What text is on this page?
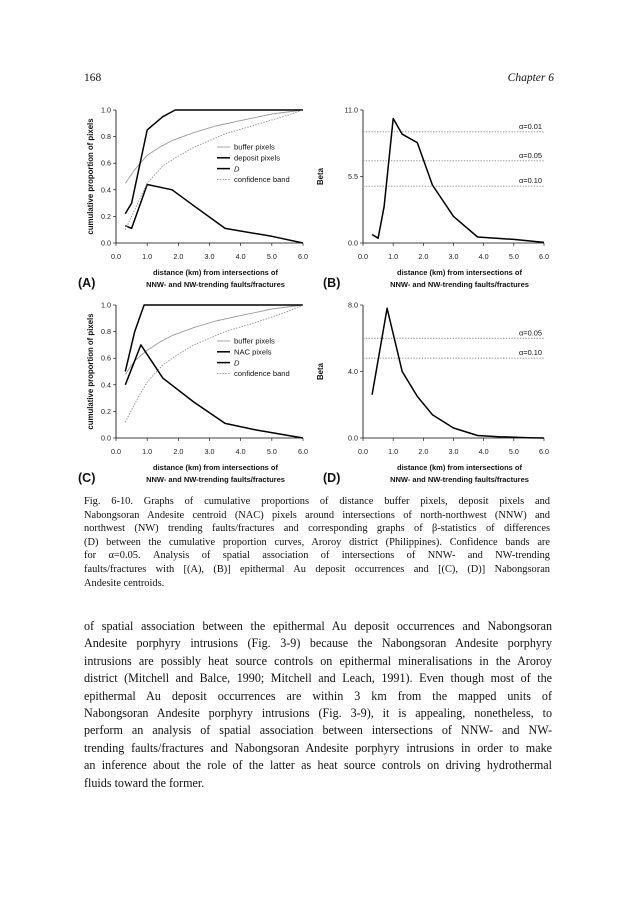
168	Chapter 6
0.0	1.0	2.0	3.0	4.0	5.0	6.0
0.0
0.2
0.4
0.6
0.8
1.0
cumulative proportion of pixels
distance (km) from intersections of
NNW- and NW-trending faults/fractures
(A)
buffer pixels
deposit pixels
D
confidence band
0.0	1.0	2.0	3.0	4.0	5.0	6.0
0.0
5.5
11.0
Beta
distance (km) from intersections of
NNW- and NW-trending faults/fractures
(B)
α=0.01
α=0.05
α=0.10
0.0	1.0	2.0	3.0	4.0	5.0	6.0
0.0
0.2
0.4
0.6
0.8
1.0
cumulative proportion of pixels
distance (km) from intersections of
NNW- and NW-trending faults/fractures
(C)
buffer pixels
NAC pixels
D
confidence band
0.0	1.0	2.0	3.0	4.0	5.0	6.0
0.0
4.0
8.0
Beta
distance (km) from intersections of
NNW- and NW-trending faults/fractures
(D)
α=0.05
α=0.10
Fig. 6-10. Graphs of cumulative proportions of distance buffer pixels, deposit pixels and
Nabongsoran Andesite centroid (NAC) pixels around intersections of north-northwest (NNW) and
northwest (NW) trending faults/fractures and corresponding graphs of β-statistics of differences
(D) between the cumulative proportion curves, Aroroy district (Philippines). Confidence bands are
for α=0.05. Analysis of spatial association of intersections of NNW- and NW-trending
faults/fractures with [(A), (B)] epithermal Au deposit occurrences and [(C), (D)] Nabongsoran
Andesite centroids.
of spatial association between the epithermal Au deposit occurrences and Nabongsoran
Andesite porphyry intrusions (Fig. 3-9) because the Nabongsoran Andesite porphyry
intrusions are possibly heat source controls on epithermal mineralisations in the Aroroy
district (Mitchell and Balce, 1990; Mitchell and Leach, 1991). Even though most of the
epithermal Au deposit occurrences are within 3 km from the mapped units of
Nabongsoran Andesite porphyry intrusions (Fig. 3-9), it is appealing, nonetheless, to
perform an analysis of spatial association between intersections of NNW- and NW-
trending faults/fractures and Nabongsoran Andesite porphyry intrusions in order to make
an inference about the role of the latter as heat source controls on driving hydrothermal
fluids toward the former.
